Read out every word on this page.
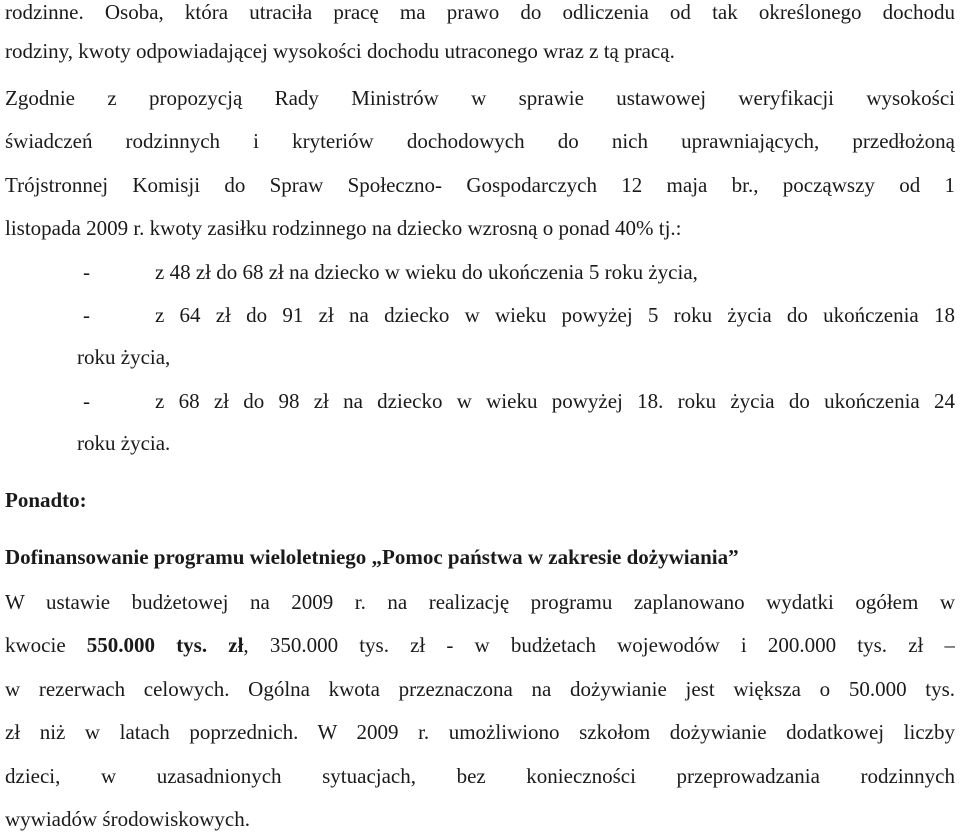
rodzinne. Osoba, która utraciła pracę ma prawo do odliczenia od tak określonego dochodu
rodziny, kwoty odpowiadającej wysokości dochodu utraconego wraz z tą pracą.
Zgodnie z propozycją Rady Ministrów w sprawie ustawowej weryfikacji wysokości
świadczeń rodzinnych i kryteriów dochodowych do nich uprawniających, przedłożoną
Trójstronnej Komisji do Spraw Społeczno- Gospodarczych 12 maja br., począwszy od 1
listopada 2009 r. kwoty zasiłku rodzinnego na dziecko wzrosną o ponad 40% tj.:
-	z 48 zł do 68 zł na dziecko w wieku do ukończenia 5 roku życia,
-	z 64 zł do 91 zł na dziecko w wieku powyżej 5 roku życia do ukończenia 18
roku życia,
-	z 68 zł do 98 zł na dziecko w wieku powyżej 18. roku życia do ukończenia 24
roku życia.
Ponadto:
Dofinansowanie programu wieloletniego „Pomoc państwa w zakresie dożywiania”
W ustawie budżetowej na 2009 r. na realizację programu zaplanowano wydatki ogółem w
kwocie 550.000 tys. zł, 350.000 tys. zł - w budżetach wojewodów i 200.000 tys. zł –
w rezerwach celowych. Ogólna kwota przeznaczona na dożywianie jest większa o 50.000 tys.
zł niż w latach poprzednich. W 2009 r. umożliwiono szkołom dożywianie dodatkowej liczby
dzieci, w uzasadnionych sytuacjach, bez konieczności przeprowadzania rodzinnych
wywiadów środowiskowych.
